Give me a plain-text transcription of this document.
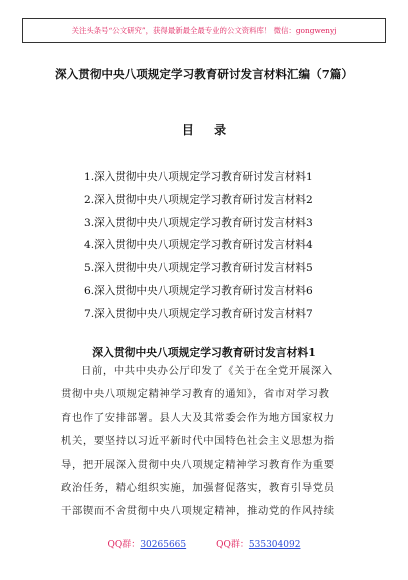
关注头条号“公文研究”，获得最新最全最专业的公文资料库！ 微信：gongwenyj
深入贯彻中央八项规定学习教育研讨发言材料汇编（7篇）
目 录
1.深入贯彻中央八项规定学习教育研讨发言材料1
2.深入贯彻中央八项规定学习教育研讨发言材料2
3.深入贯彻中央八项规定学习教育研讨发言材料3
4.深入贯彻中央八项规定学习教育研讨发言材料4
5.深入贯彻中央八项规定学习教育研讨发言材料5
6.深入贯彻中央八项规定学习教育研讨发言材料6
7.深入贯彻中央八项规定学习教育研讨发言材料7
深入贯彻中央八项规定学习教育研讨发言材料1
日前，中共中央办公厅印发了《关于在全党开展深入
贯彻中央八项规定精神学习教育的通知》，省市对学习教
育也作了安排部署。县人大及其常委会作为地方国家权力
机关，要坚持以习近平新时代中国特色社会主义思想为指
导，把开展深入贯彻中央八项规定精神学习教育作为重要
政治任务，精心组织实施，加强督促落实，教育引导党员
干部锲而不舍贯彻中央八项规定精神，推动党的作风持续
QQ群：30265665	QQ群：535304092
